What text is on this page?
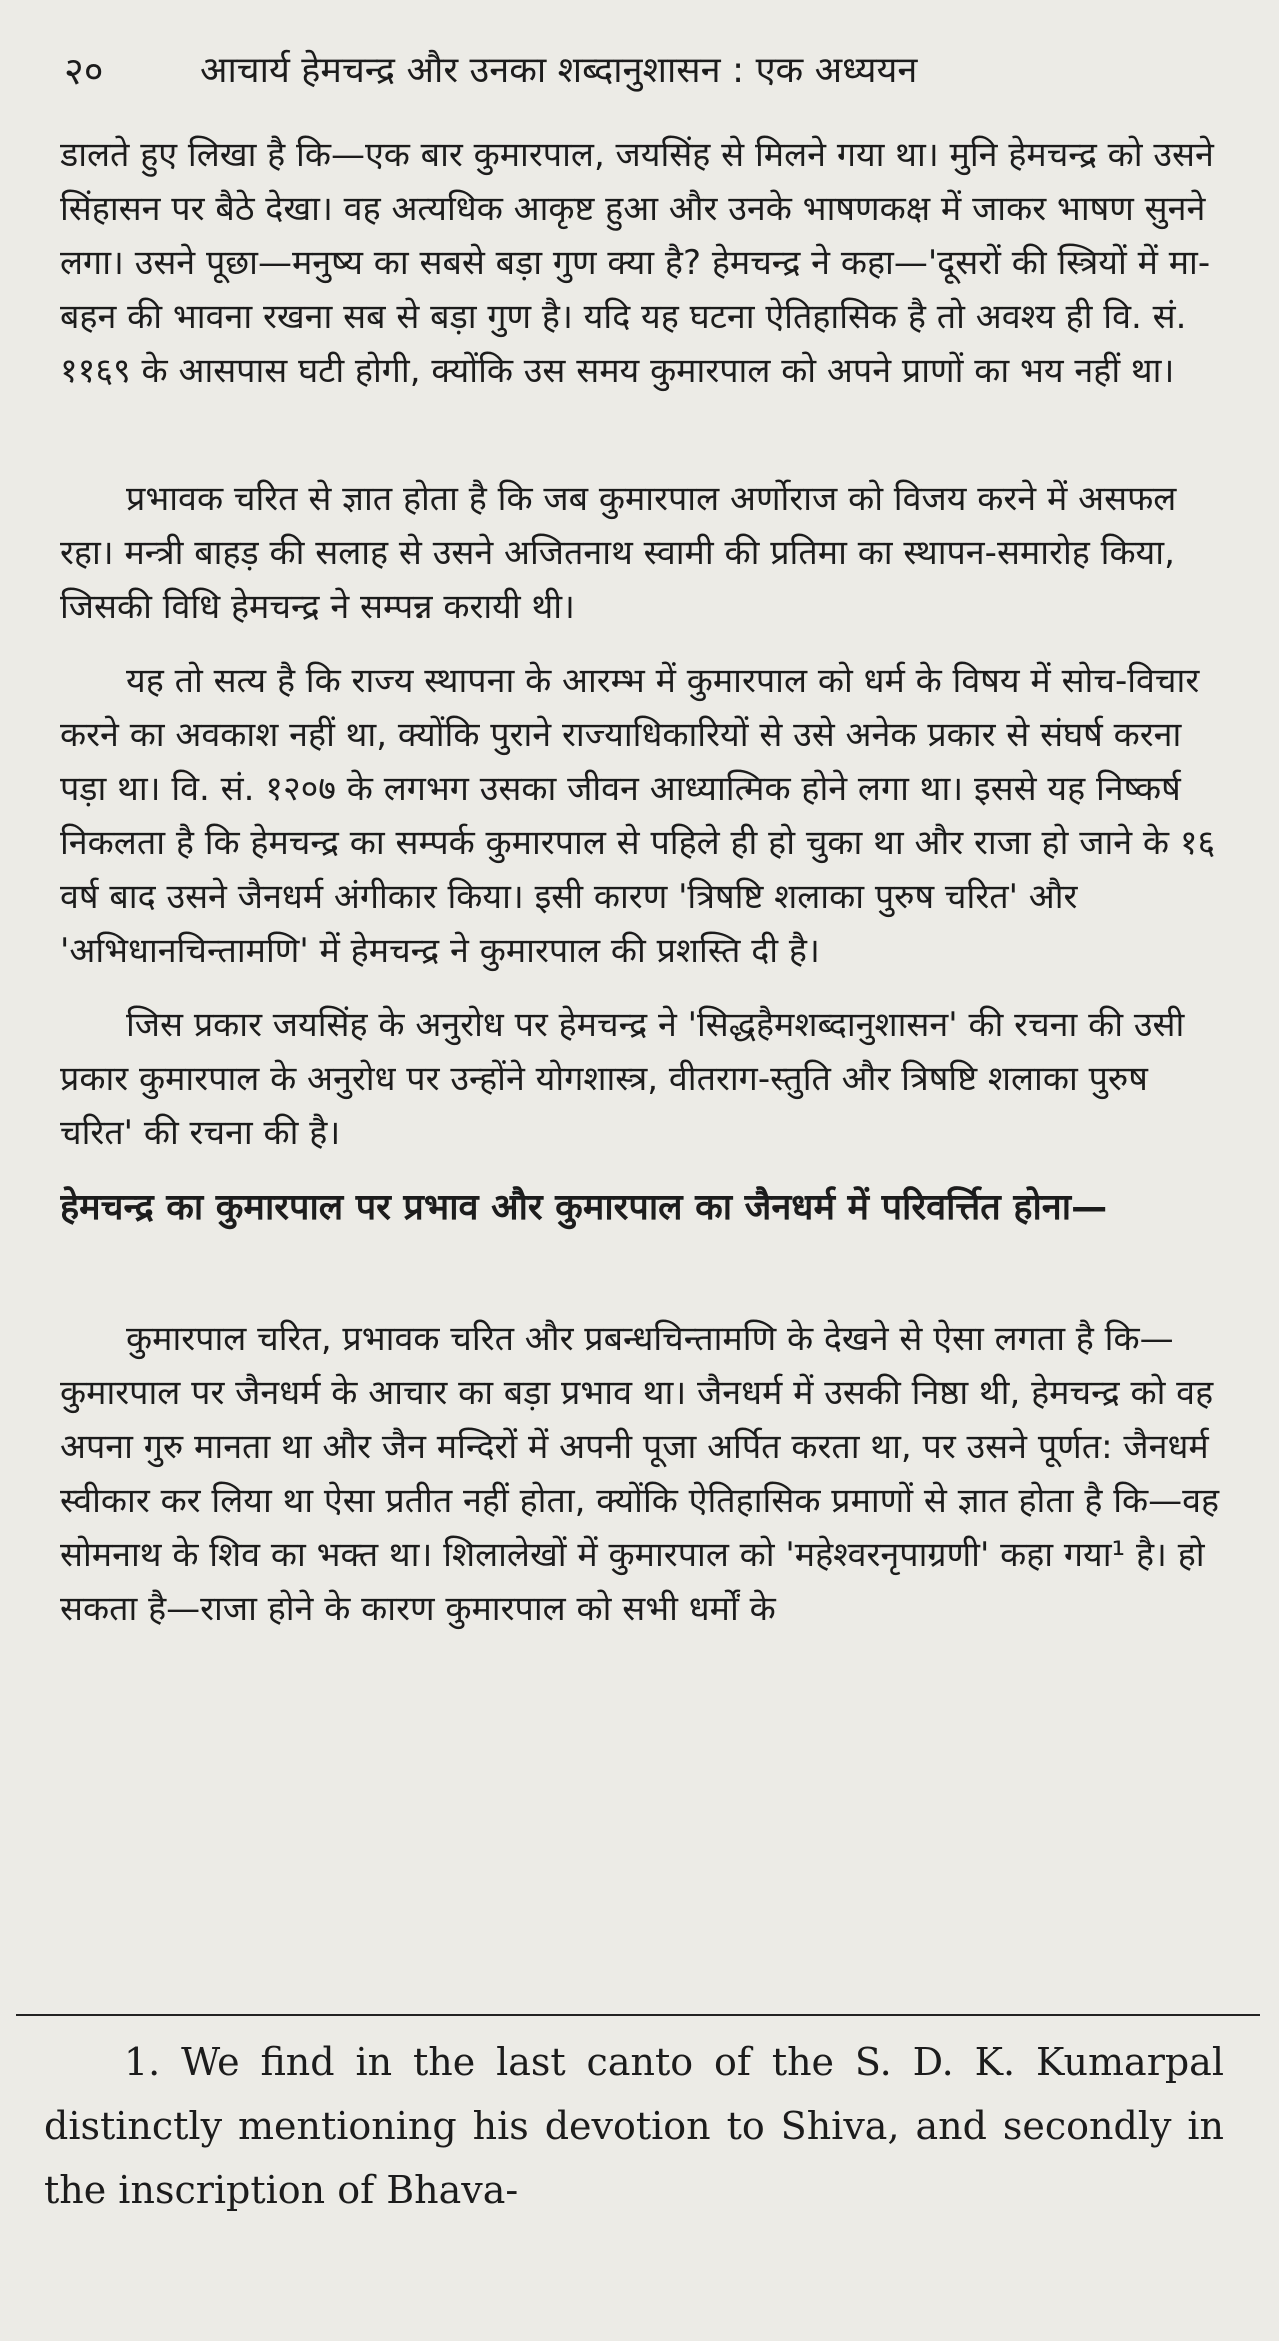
२०	आचार्य हेमचन्द्र और उनका शब्दानुशासन : एक अध्ययन

डालते हुए लिखा है कि—एक बार कुमारपाल, जयसिंह से मिलने गया था। मुनि हेमचन्द्र को उसने सिंहासन पर बैठे देखा। वह अत्यधिक आकृष्ट हुआ और उनके भाषणकक्ष में जाकर भाषण सुनने लगा। उसने पूछा—मनुष्य का सबसे बड़ा गुण क्या है? हेमचन्द्र ने कहा—'दूसरों की स्त्रियों में मा-बहन की भावना रखना सब से बड़ा गुण है। यदि यह घटना ऐतिहासिक है तो अवश्य ही वि. सं. ११६९ के आसपास घटी होगी, क्योंकि उस समय कुमारपाल को अपने प्राणों का भय नहीं था।

प्रभावक चरित से ज्ञात होता है कि जब कुमारपाल अर्णोराज को विजय करने में असफल रहा। मन्त्री बाहड़ की सलाह से उसने अजितनाथ स्वामी की प्रतिमा का स्थापन-समारोह किया, जिसकी विधि हेमचन्द्र ने सम्पन्न करायी थी।

यह तो सत्य है कि राज्य स्थापना के आरम्भ में कुमारपाल को धर्म के विषय में सोच-विचार करने का अवकाश नहीं था, क्योंकि पुराने राज्याधिकारियों से उसे अनेक प्रकार से संघर्ष करना पड़ा था। वि. सं. १२०७ के लगभग उसका जीवन आध्यात्मिक होने लगा था। इससे यह निष्कर्ष निकलता है कि हेमचन्द्र का सम्पर्क कुमारपाल से पहिले ही हो चुका था और राजा हो जाने के १६ वर्ष बाद उसने जैनधर्म अंगीकार किया। इसी कारण 'त्रिषष्टि शलाका पुरुष चरित' और 'अभिधानचिन्तामणि' में हेमचन्द्र ने कुमारपाल की प्रशस्ति दी है।

जिस प्रकार जयसिंह के अनुरोध पर हेमचन्द्र ने 'सिद्धहैमशब्दानुशासन' की रचना की उसी प्रकार कुमारपाल के अनुरोध पर उन्होंने योगशास्त्र, वीतराग-स्तुति और त्रिषष्टि शलाका पुरुष चरित' की रचना की है।

हेमचन्द्र का कुमारपाल पर प्रभाव और कुमारपाल का जैनधर्म में परिवर्त्तित होना—

कुमारपाल चरित, प्रभावक चरित और प्रबन्धचिन्तामणि के देखने से ऐसा लगता है कि—कुमारपाल पर जैनधर्म के आचार का बड़ा प्रभाव था। जैनधर्म में उसकी निष्ठा थी, हेमचन्द्र को वह अपना गुरु मानता था और जैन मन्दिरों में अपनी पूजा अर्पित करता था, पर उसने पूर्णत: जैनधर्म स्वीकार कर लिया था ऐसा प्रतीत नहीं होता, क्योंकि ऐतिहासिक प्रमाणों से ज्ञात होता है कि—वह सोमनाथ के शिव का भक्त था। शिलालेखों में कुमारपाल को 'महेश्वरनृपाग्रणी' कहा गया¹ है। हो सकता है—राजा होने के कारण कुमारपाल को सभी धर्मों के

1. We find in the last canto of the S. D. K. Kumarpal distinctly mentioning his devotion to Shiva, and secondly in the inscription of Bhava-
